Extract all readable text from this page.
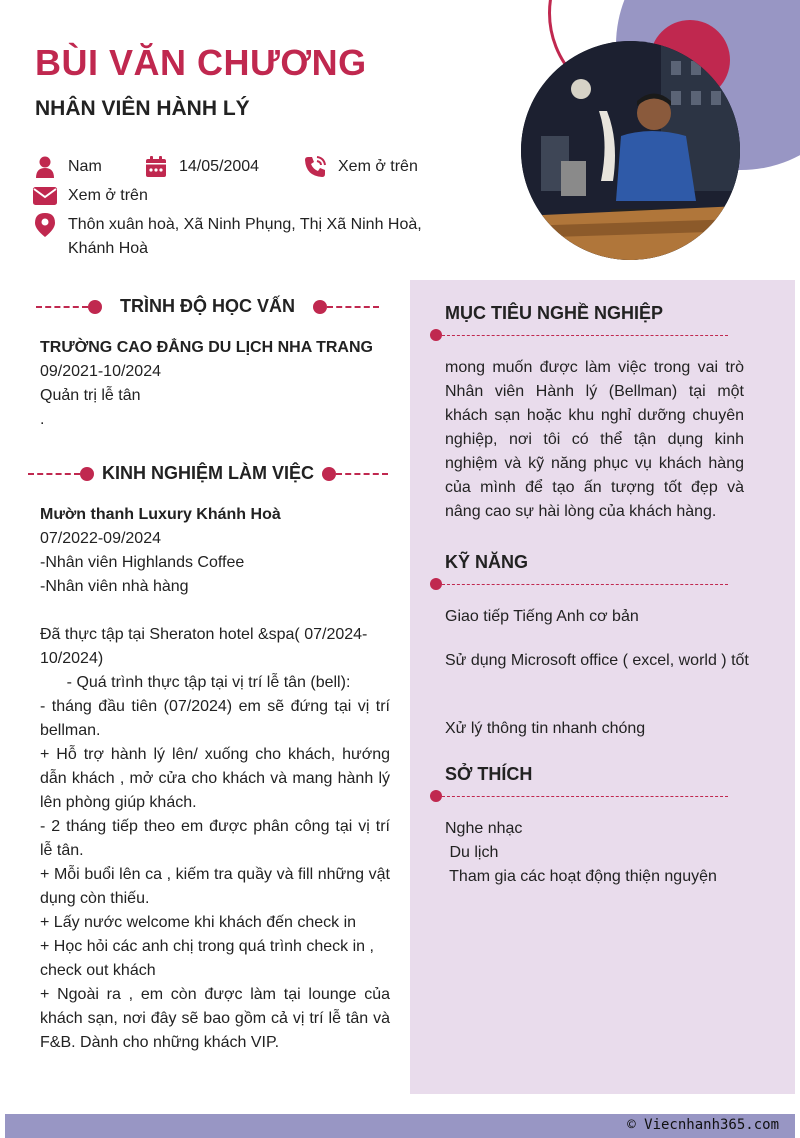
BÙI VĂN CHƯƠNG
NHÂN VIÊN HÀNH LÝ
Nam	14/05/2004	Xem ở trên
Xem ở trên
Thôn xuân hoà, Xã Ninh Phụng, Thị Xã Ninh Hoà,
Khánh Hoà
TRÌNH ĐỘ HỌC VẤN
TRƯỜNG CAO ĐẲNG DU LỊCH NHA TRANG
09/2021-10/2024
Quản trị lễ tân
.
KINH NGHIỆM LÀM VIỆC
Mườn thanh Luxury Khánh Hoà
07/2022-09/2024
-Nhân viên Highlands Coffee
-Nhân viên nhà hàng
Đã thực tập tại Sheraton hotel &spa( 07/2024-
10/2024)
- Quá trình thực tập tại vị trí lễ tân (bell):
- tháng đầu tiên (07/2024) em sẽ đứng tại vị trí bellman.
+ Hỗ trợ hành lý lên/ xuống cho khách, hướng dẫn khách , mở cửa cho khách và mang hành lý lên phòng giúp khách.
- 2 tháng tiếp theo em được phân công tại vị trí lễ tân.
+ Mỗi buổi lên ca , kiếm tra quầy và fill những vật dụng còn thiếu.
+ Lấy nước welcome khi khách đến check in
+ Học hỏi các anh chị trong quá trình check in , check out khách
+ Ngoài ra , em còn được làm tại lounge của khách sạn, nơi đây sẽ bao gồm cả vị trí lễ tân và F&B. Dành cho những khách VIP.
MỤC TIÊU NGHỀ NGHIỆP
mong muốn được làm việc trong vai trò Nhân viên Hành lý (Bellman) tại một khách sạn hoặc khu nghỉ dưỡng chuyên nghiệp, nơi tôi có thể tận dụng kinh nghiệm và kỹ năng phục vụ khách hàng của mình để tạo ấn tượng tốt đẹp và nâng cao sự hài lòng của khách hàng.
KỸ NĂNG
Giao tiếp Tiếng Anh cơ bản
Sử dụng Microsoft office ( excel, world ) tốt
Xử lý thông tin nhanh chóng
SỞ THÍCH
Nghe nhạc
Du lịch
Tham gia các hoạt động thiện nguyện
© Viecnhanh365.com
